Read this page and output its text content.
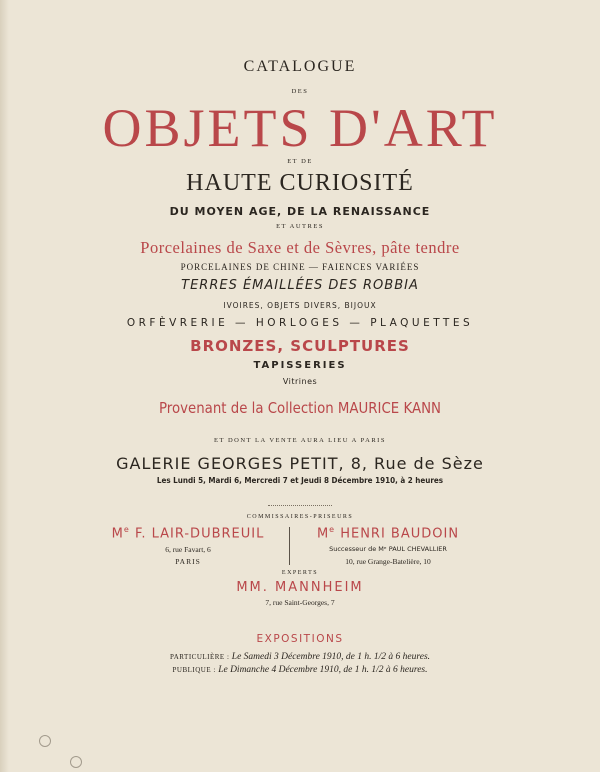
CATALOGUE
DES
OBJETS D'ART
ET DE
HAUTE CURIOSITÉ
DU MOYEN AGE, DE LA RENAISSANCE
ET AUTRES
Porcelaines de Saxe et de Sèvres, pâte tendre
PORCELAINES DE CHINE — FAIENCES VARIÉES
TERRES ÉMAILLÉES DES ROBBIA
IVOIRES, OBJETS DIVERS, BIJOUX
ORFÈVRERIE — HORLOGES — PLAQUETTES
BRONZES, SCULPTURES
TAPISSERIES
Vitrines
Provenant de la Collection MAURICE KANN
ET DONT LA VENTE AURA LIEU A PARIS
GALERIE GEORGES PETIT, 8, Rue de Sèze
Les Lundi 5, Mardi 6, Mercredi 7 et Jeudi 8 Décembre 1910, à 2 heures
COMMISSAIRES-PRISEURS
Me F. LAIR-DUBREUIL
6, rue Favart, 6
PARIS
Me HENRI BAUDOIN
Successeur de Mᵉ PAUL CHEVALLIER
10, rue Grange-Batelière, 10
EXPERTS
MM. MANNHEIM
7, rue Saint-Georges, 7
EXPOSITIONS
PARTICULIÈRE : Le Samedi 3 Décembre 1910, de 1 h. 1/2 à 6 heures.
PUBLIQUE : Le Dimanche 4 Décembre 1910, de 1 h. 1/2 à 6 heures.
